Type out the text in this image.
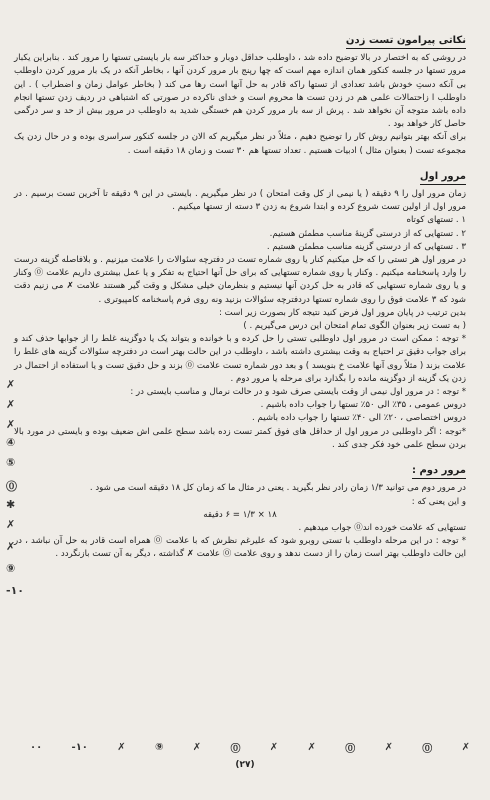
نکاتی پیرامون تست زدن

در روشی که به اختصار در بالا توضیح داده شد ، داوطلب حداقل دوبار و حداکثر سه بار بایستی تستها را مرور کند . بنابراین یکبار مرور تستها در جلسه کنکور همان اندازه مهم است که چها رپنج بار مرور کردن آنها ، بخاطر آنکه در یک بار مرور کردن داوطلب بی آنکه دستِ خودش باشد تعدادی از تستها راکه قادر به حل آنها است رها می کند ( بخاطر عوامل زمان و اضطراب ) . این داوطلب ا زاحتمالات علمی هم در زدن تست ها محروم است و خدای ناکرده در صورتی که اشتباهی در ردیف زدن تستها انجام داده باشد متوجه آن نخواهد شد . پرش از سه بار مرور کردن هم خستگی شدید به داوطلب در مرور بیش از حد و سر درگمی حاصل کار خواهد بود .

برای آنکه بهتر بتوانیم روش کار را توضیح دهیم ، مثلاً در نظر میگیریم که الان در جلسه کنکور سراسری بوده و در حال زدن یک مجموعه تست ( بعنوان مثال ) ادبیات هستیم . تعداد تستها هم ۳۰ تست و زمان ۱۸ دقیقه است .

مرور اول

زمان مرور اول را ۹ دقیقه ( یا نیمی از کل وقت امتحان ) در نظر میگیریم . بایستی در این ۹ دقیقه تا آخرین تست برسیم . در مرور اول از اولین تست شروع کرده و ابتدا شروع به زدن ۳ دسته از تستها میکنیم .

۱ . تستهای کوتاه

۲ . تستهایی که از درستی گزینهٔ مناسب مطمئن هستیم.

۳ . تستهایی که از درستی گزینه مناسب مطمئن هستیم .

در مرور اول هر تستی را که حل میکنیم کنار یا روی شماره تست در دفترچه سئوالات را علامت میزنیم . و بلافاصله گزینه درست را وارد پاسخنامه میکنیم . وکنار یا روی شماره تستهایی که برای حل آنها احتیاج به تفکر و یا عمل بیشتری داریم علامت ⓪ وکنار و یا روی شماره تستهایی که قادر به حل کردن آنها نیستیم و بنظرمان خیلی مشکل و وقت گیر هستند علامت ✗ می زنیم دقت شود که ۳ علامت فوق را روی شماره تستها دردفترچه سئوالات بزنید ونه روی فرم پاسخنامه کامپیوتری .

بدین ترتیب در پایان مرور اول فرض کنید نتیجه کار بصورت زیر است :

( به تست زیر بعنوان الگوی تمام امتحان این درس می‌گیریم . )

* توجه : ممکن است در مرور اول داوطلبی تستی را حل کرده و با خوانده و بتواند یک یا دوگزینه غلط را از جوابها حذف کند و برای جواب دقیق تر احتیاج به وقت بیشتری داشته باشد ، داوطلب در این حالت بهتر است در دفترچه سئوالات گزینه های غلط را علامت بزند ( مثلاً روی آنها علامت خ بنویسد ) و بعد دور شماره تست علامت ⓪ بزند و حل دقیق تست و یا استفاده از احتمال در زدن یک گزینه از دوگزینه مانده را بگذارد برای مرحله یا مرور دوم .

* توجه : در مرور اول نیمی از وقت بایستی صرف شود و در حالت نرمال و مناسب بایستی در :

دروس عمومی ، ۳۵٪ الی ۵۰٪ تستها را جواب داده باشیم .

دروس اختصاصی ، ۲۰٪ الی ۴۰٪ تستها را جواب داده باشیم .

*توجه : اگر داوطلبی در مرور اول از حداقل های فوق کمتر تست زده باشد سطح علمی اش ضعیف بوده و بایستی در مورد بالا بردن سطح علمی خود فکر جدی کند .

مرور دوم :

در مرور دوم می توانید ۱/۳ زمان رادر نظر بگیرید . یعنی در مثال ما که زمان کل ۱۸ دقیقه است می شود .

و این یعنی که :

۱۸ × ۱/۳ = ۶ دقیقه

تستهایی که علامت خورده اند⓪ جواب میدهیم .

* توجه : در این مرحله داوطلب با تستی روبرو شود که علیرغم نظرش که با علامت ⓪ همراه است قادر به حل آن نباشد ، در این حالت داوطلب بهتر است زمان را از دست ندهد و روی علامت ⓪ علامت ✗ گذاشته ، دیگر به آن تست بازنگردد .

✗
✗
✗
④
⑤
⓪
✱
✗
✗
⑨
-۱۰
۰۰	-۱۰	✗	⑨	✗	⓪	✗	✗	⓪	✗	⓪	✗
(۲۷)
